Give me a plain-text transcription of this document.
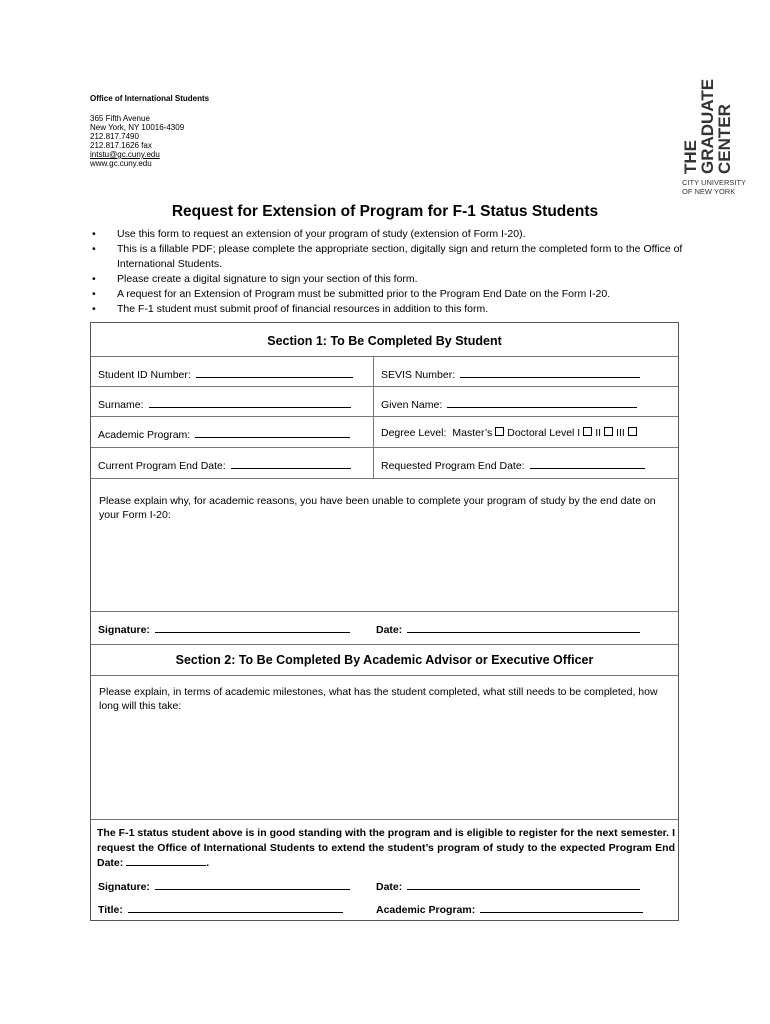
Office of International Students
365 Fifth Avenue
New York, NY 10016-4309
212.817.7490
212.817.1626 fax
intstu@gc.cuny.edu
www.gc.cuny.edu	THE
GRADUATE
CENTER
CITY UNIVERSITY
OF NEW YORK
Request for Extension of Program for F-1 Status Students
• Use this form to request an extension of your program of study (extension of Form I-20).
• This is a fillable PDF; please complete the appropriate section, digitally sign and return the completed form to the Office of International Students.
• Please create a digital signature to sign your section of this form.
• A request for an Extension of Program must be submitted prior to the Program End Date on the Form I-20.
• The F-1 student must submit proof of financial resources in addition to this form.
Section 1: To Be Completed By Student
Student ID Number:	SEVIS Number:
Surname:	Given Name:
Academic Program:	Degree Level: Master’s Doctoral Level I II III
Current Program End Date:	Requested Program End Date:
Please explain why, for academic reasons, you have been unable to complete your program of study by the end date on your Form I-20:
Signature:	Date:
Section 2: To Be Completed By Academic Advisor or Executive Officer
Please explain, in terms of academic milestones, what has the student completed, what still needs to be completed, how long will this take:
The F-1 status student above is in good standing with the program and is eligible to register for the next semester. I request the Office of International Students to extend the student’s program of study to the expected Program End Date:	.
Signature:	Date:
Title:	Academic Program:
